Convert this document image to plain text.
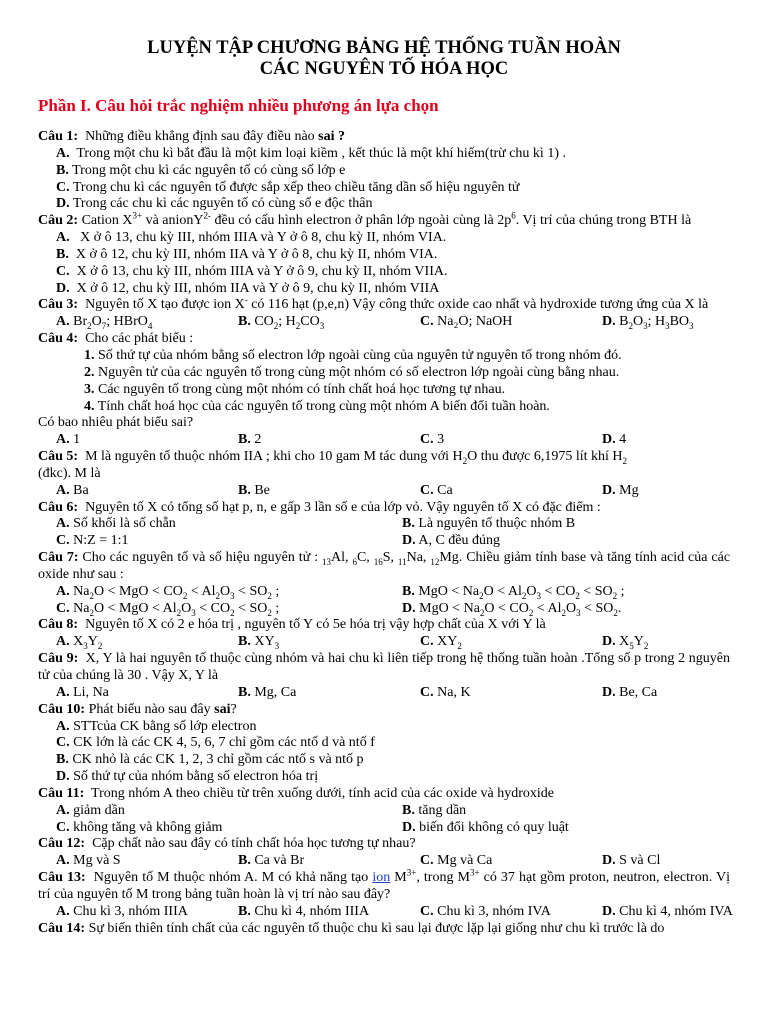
LUYỆN TẬP CHƯƠNG BẢNG HỆ THỐNG TUẦN HOÀN
CÁC NGUYÊN TỐ HÓA HỌC
Phần I. Câu hỏi trắc nghiệm nhiều phương án lựa chọn
Câu 1: Những điều khẳng định sau đây điều nào sai ?
A. Trong một chu kì bắt đầu là một kim loại kiềm , kết thúc là một khí hiếm(trừ chu kì 1) .
B. Trong một chu kì các nguyên tố có cùng số lớp e
C. Trong chu kì các nguyên tố được sắp xếp theo chiều tăng dần số hiệu nguyên tử
D. Trong các chu kì các nguyên tố có cùng số e độc thân
Câu 2: Cation $X^{3+}$ và anionY$^{2-}$ đều có cấu hình electron ở phân lớp ngoài cùng là $2p^6$. Vị trí của chúng trong BTH là
A. X ở ô 13, chu kỳ III, nhóm IIIA và Y ở ô 8, chu kỳ II, nhóm VIA.
B. X ở ô 12, chu kỳ III, nhóm IIA và Y ở ô 8, chu kỳ II, nhóm VIA.
C. X ở ô 13, chu kỳ III, nhóm IIIA và Y ở ô 9, chu kỳ II, nhóm VIIA.
D. X ở ô 12, chu kỳ III, nhóm IIA và Y ở ô 9, chu kỳ II, nhóm VIIA
Câu 3: Nguyên tố X tạo được ion X- có 116 hạt (p,e,n) Vậy công thức oxide cao nhất và hydroxide tương ứng của X là
A. $Br_2O_7$; HBrO$_4$	B. $CO_2$; $H_2CO_3$	C. Na₂O; NaOH	D. $B_2O_3$; $H_3BO_3$
Câu 4: Cho các phát biểu :
1. Số thứ tự của nhóm bằng số electron lớp ngoài cùng của nguyên tử nguyên tố trong nhóm đó.
2. Nguyên tử của các nguyên tố trong cùng một nhóm có số electron lớp ngoài cùng bằng nhau.
3. Các nguyên tố trong cùng một nhóm có tính chất hoá học tương tự nhau.
4. Tính chất hoá học của các nguyên tố trong cùng một nhóm A biến đổi tuần hoàn.
Có bao nhiêu phát biểu sai?
A. 1	B. 2	C. 3	D. 4
Câu 5: M là nguyên tố thuộc nhóm IIA ; khi cho 10 gam M tác dung với $H_2O$ thu được 6,1975 lít khí $H_2$
(đkc). M là
A. Ba	B. Be	C. Ca	D. Mg
Câu 6: Nguyên tố X có tổng số hạt p, n, e gấp 3 lần số e của lớp vỏ. Vậy nguyên tố X có đặc điểm :
A. Số khối là số chẵn	B. Là nguyên tố thuộc nhóm B
C. N:Z = 1:1	D. A, C đều đúng
Câu 7: Cho các nguyên tố và số hiệu nguyên tử : $_{13}$Al, $_6$C, $_{16}$S, $_{11}$Na, $_{12}$Mg. Chiều giảm tính base và tăng tính acid của các oxide như sau :
A. $Na_2O$ < MgO < $CO_2 < Al_2O_3 < SO_2$ ;	B. MgO < $Na_2O < Al_2O_3 < CO_2 < SO_2$ ;
C. $Na_2O$ < MgO < $Al_2O_3 < CO_2 < SO_2$ ;	D. MgO < $Na_2O < CO_2 < Al_2O_3 < SO_2$.
Câu 8: Nguyên tố X có 2 e hóa trị , nguyên tố Y có 5e hóa trị vậy hợp chất của X với Y là
A. $X_3Y_2$	B. $XY_3$	C. $XY_2$	D. $X_5Y_2$
Câu 9: X, Y là hai nguyên tố thuộc cùng nhóm và hai chu kì liên tiếp trong hệ thống tuần hoàn .Tổng số p trong 2 nguyên tử của chúng là 30 . Vậy X, Y là
A. Li, Na	B. Mg, Ca	C. Na, K	D. Be, Ca
Câu 10: Phát biểu nào sau đây sai?
A. STTcủa CK bằng số lớp electron
C. CK lớn là các CK 4, 5, 6, 7 chỉ gồm các ntố d và ntố f
B. CK nhỏ là các CK 1, 2, 3 chỉ gồm các ntố s và ntố p
D. Số thứ tự của nhóm bằng số electron hóa trị
Câu 11: Trong nhóm A theo chiều từ trên xuống dưới, tính acid của các oxide và hydroxide
A. giảm dần	B. tăng dần
C. không tăng và không giảm	D. biến đổi không có quy luật
Câu 12: Cặp chất nào sau đây có tính chất hóa học tương tự nhau?
A. Mg và S	B. Ca và Br	C. Mg và Ca	D. S và Cl
Câu 13: Nguyên tố M thuộc nhóm A. M có khả năng tạo ion $M^{3+}$, trong $M^{3+}$ có 37 hạt gồm proton, neutron, electron. Vị trí của nguyên tố M trong bảng tuần hoàn là vị trí nào sau đây?
A. Chu kì 3, nhóm IIIA	B. Chu kì 4, nhóm IIIA	C. Chu kì 3, nhóm IVA	D. Chu kì 4, nhóm IVA
Câu 14: Sự biến thiên tính chất của các nguyên tố thuộc chu kì sau lại được lặp lại giống như chu kì trước là do
